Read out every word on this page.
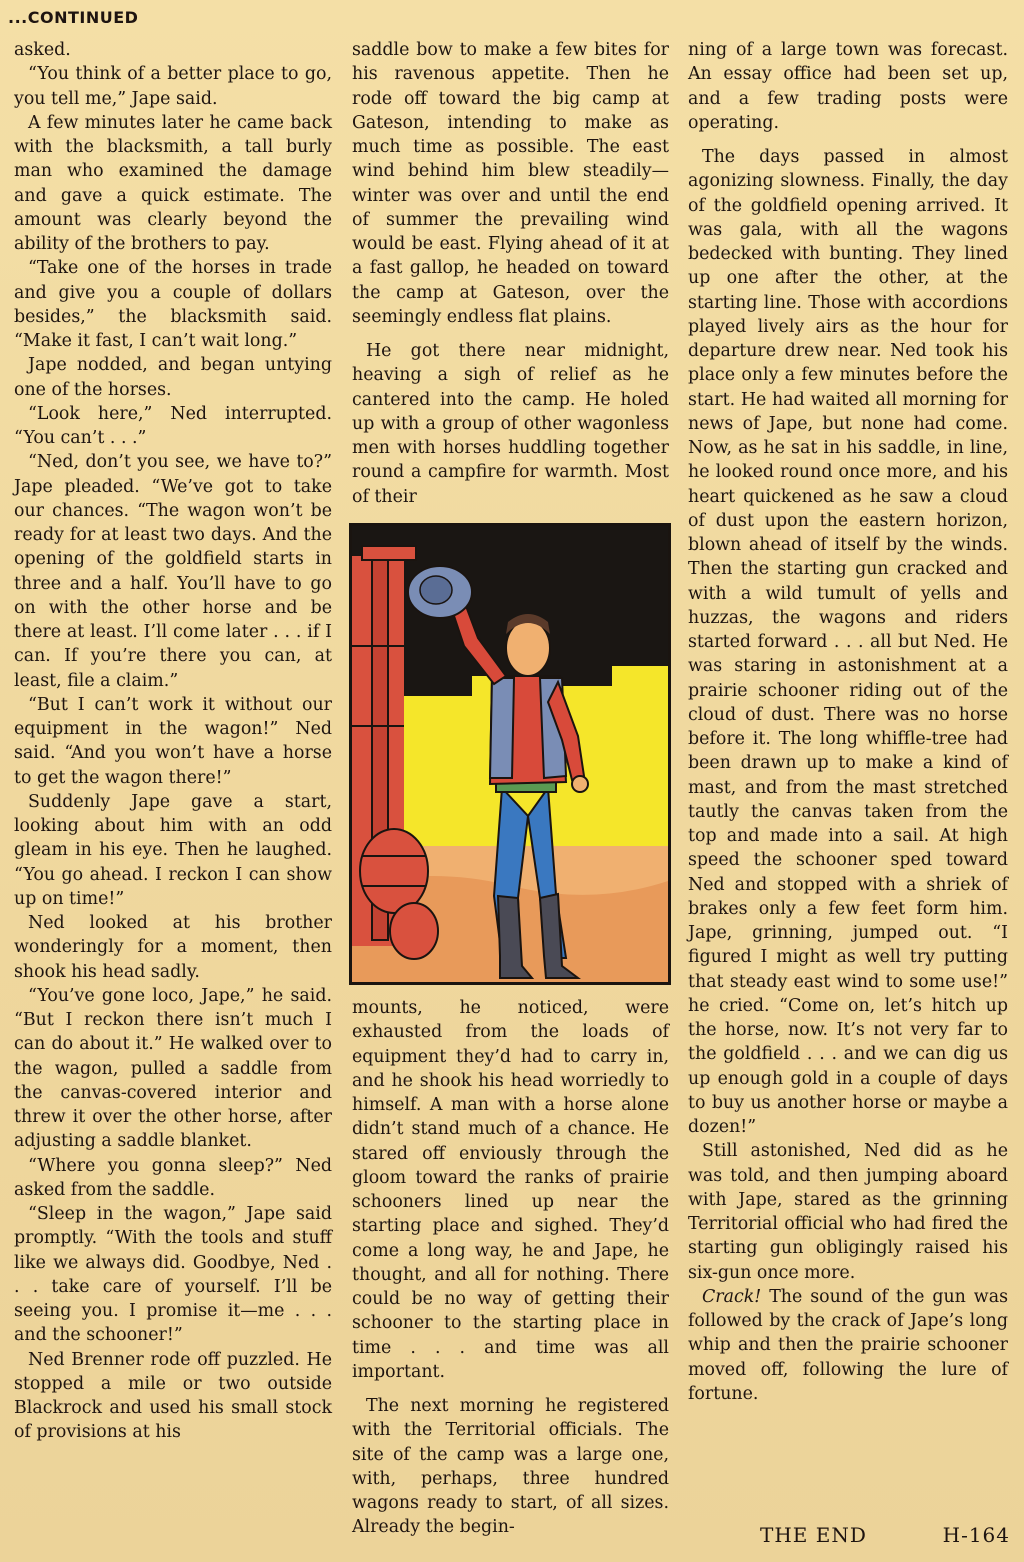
...CONTINUED

asked.

“You think of a better place to go, you tell me,” Jape said.

A few minutes later he came back with the blacksmith, a tall burly man who examined the damage and gave a quick estimate. The amount was clearly beyond the ability of the brothers to pay.

“Take one of the horses in trade and give you a couple of dollars besides,” the blacksmith said. “Make it fast, I can’t wait long.”

Jape nodded, and began untying one of the horses.

“Look here,” Ned interrupted. “You can’t . . .”

“Ned, don’t you see, we have to?” Jape pleaded. “We’ve got to take our chances. “The wagon won’t be ready for at least two days. And the opening of the goldfield starts in three and a half. You’ll have to go on with the other horse and be there at least. I’ll come later . . . if I can. If you’re there you can, at least, file a claim.”

“But I can’t work it without our equipment in the wagon!” Ned said. “And you won’t have a horse to get the wagon there!”

Suddenly Jape gave a start, looking about him with an odd gleam in his eye. Then he laughed. “You go ahead. I reckon I can show up on time!”

Ned looked at his brother wonderingly for a moment, then shook his head sadly.

“You’ve gone loco, Jape,” he said. “But I reckon there isn’t much I can do about it.” He walked over to the wagon, pulled a saddle from the canvas-covered interior and threw it over the other horse, after adjusting a saddle blanket.

“Where you gonna sleep?” Ned asked from the saddle.

“Sleep in the wagon,” Jape said promptly. “With the tools and stuff like we always did. Goodbye, Ned . . . take care of yourself. I’ll be seeing you. I promise it—me . . . and the schooner!”

Ned Brenner rode off puzzled. He stopped a mile or two outside Blackrock and used his small stock of provisions at his

saddle bow to make a few bites for his ravenous appetite. Then he rode off toward the big camp at Gateson, intending to make as much time as possible. The east wind behind him blew steadily—winter was over and until the end of summer the prevailing wind would be east. Flying ahead of it at a fast gallop, he headed on toward the camp at Gateson, over the seemingly endless flat plains.

He got there near midnight, heaving a sigh of relief as he cantered into the camp. He holed up with a group of other wagonless men with horses huddling together round a campfire for warmth. Most of their

mounts, he noticed, were exhausted from the loads of equipment they’d had to carry in, and he shook his head worriedly to himself. A man with a horse alone didn’t stand much of a chance. He stared off enviously through the gloom toward the ranks of prairie schooners lined up near the starting place and sighed. They’d come a long way, he and Jape, he thought, and all for nothing. There could be no way of getting their schooner to the starting place in time . . . and time was all important.

The next morning he registered with the Territorial officials. The site of the camp was a large one, with, perhaps, three hundred wagons ready to start, of all sizes. Already the begin-

ning of a large town was forecast. An essay office had been set up, and a few trading posts were operating.

The days passed in almost agonizing slowness. Finally, the day of the goldfield opening arrived. It was gala, with all the wagons bedecked with bunting. They lined up one after the other, at the starting line. Those with accordions played lively airs as the hour for departure drew near. Ned took his place only a few minutes before the start. He had waited all morning for news of Jape, but none had come. Now, as he sat in his saddle, in line, he looked round once more, and his heart quickened as he saw a cloud of dust upon the eastern horizon, blown ahead of itself by the winds. Then the starting gun cracked and with a wild tumult of yells and huzzas, the wagons and riders started forward . . . all but Ned. He was staring in astonishment at a prairie schooner riding out of the cloud of dust. There was no horse before it. The long whiffle-tree had been drawn up to make a kind of mast, and from the mast stretched tautly the canvas taken from the top and made into a sail. At high speed the schooner sped toward Ned and stopped with a shriek of brakes only a few feet form him. Jape, grinning, jumped out. “I figured I might as well try putting that steady east wind to some use!” he cried. “Come on, let’s hitch up the horse, now. It’s not very far to the goldfield . . . and we can dig us up enough gold in a couple of days to buy us another horse or maybe a dozen!”

Still astonished, Ned did as he was told, and then jumping aboard with Jape, stared as the grinning Territorial official who had fired the starting gun obligingly raised his six-gun once more.

Crack! The sound of the gun was followed by the crack of Jape’s long whip and then the prairie schooner moved off, following the lure of fortune.

THE END	H-164
